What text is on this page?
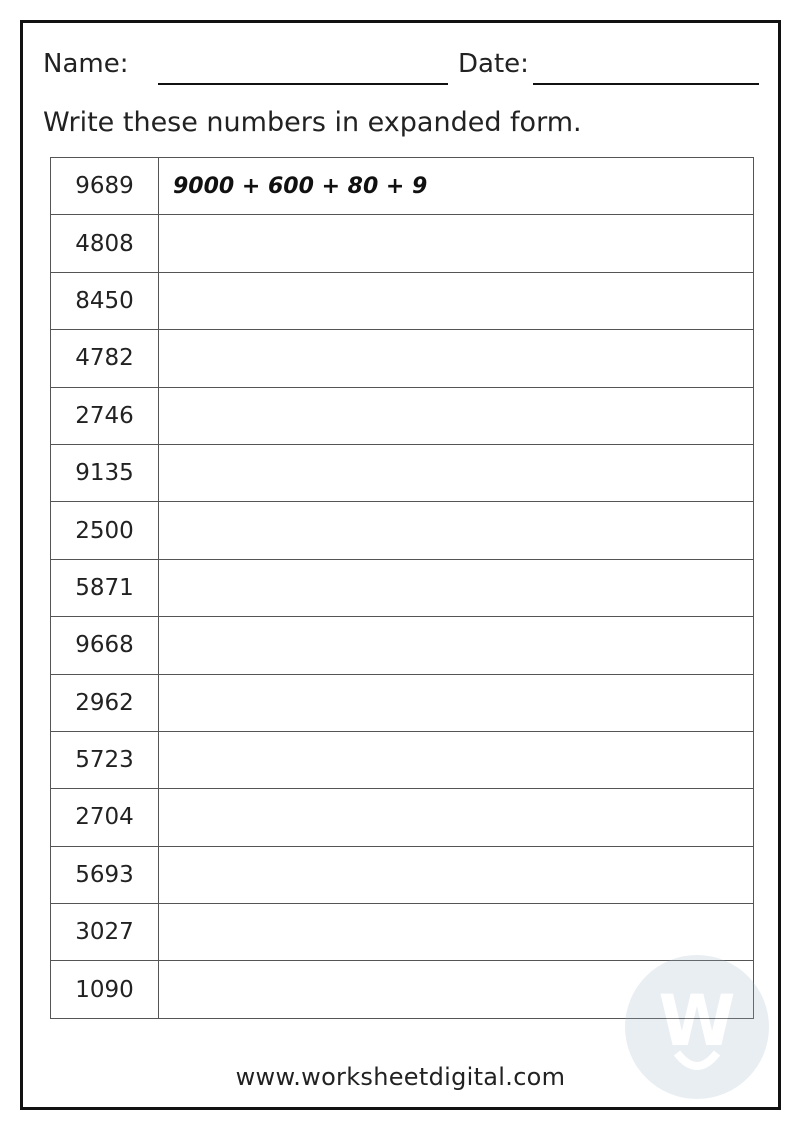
Name:	Date:
Write these numbers in expanded form.
9689	9000 + 600 + 80 + 9
4808	
8450	
4782	
2746	
9135	
2500	
5871	
9668	
2962	
5723	
2704	
5693	
3027	
1090		W
www.worksheetdigital.com
